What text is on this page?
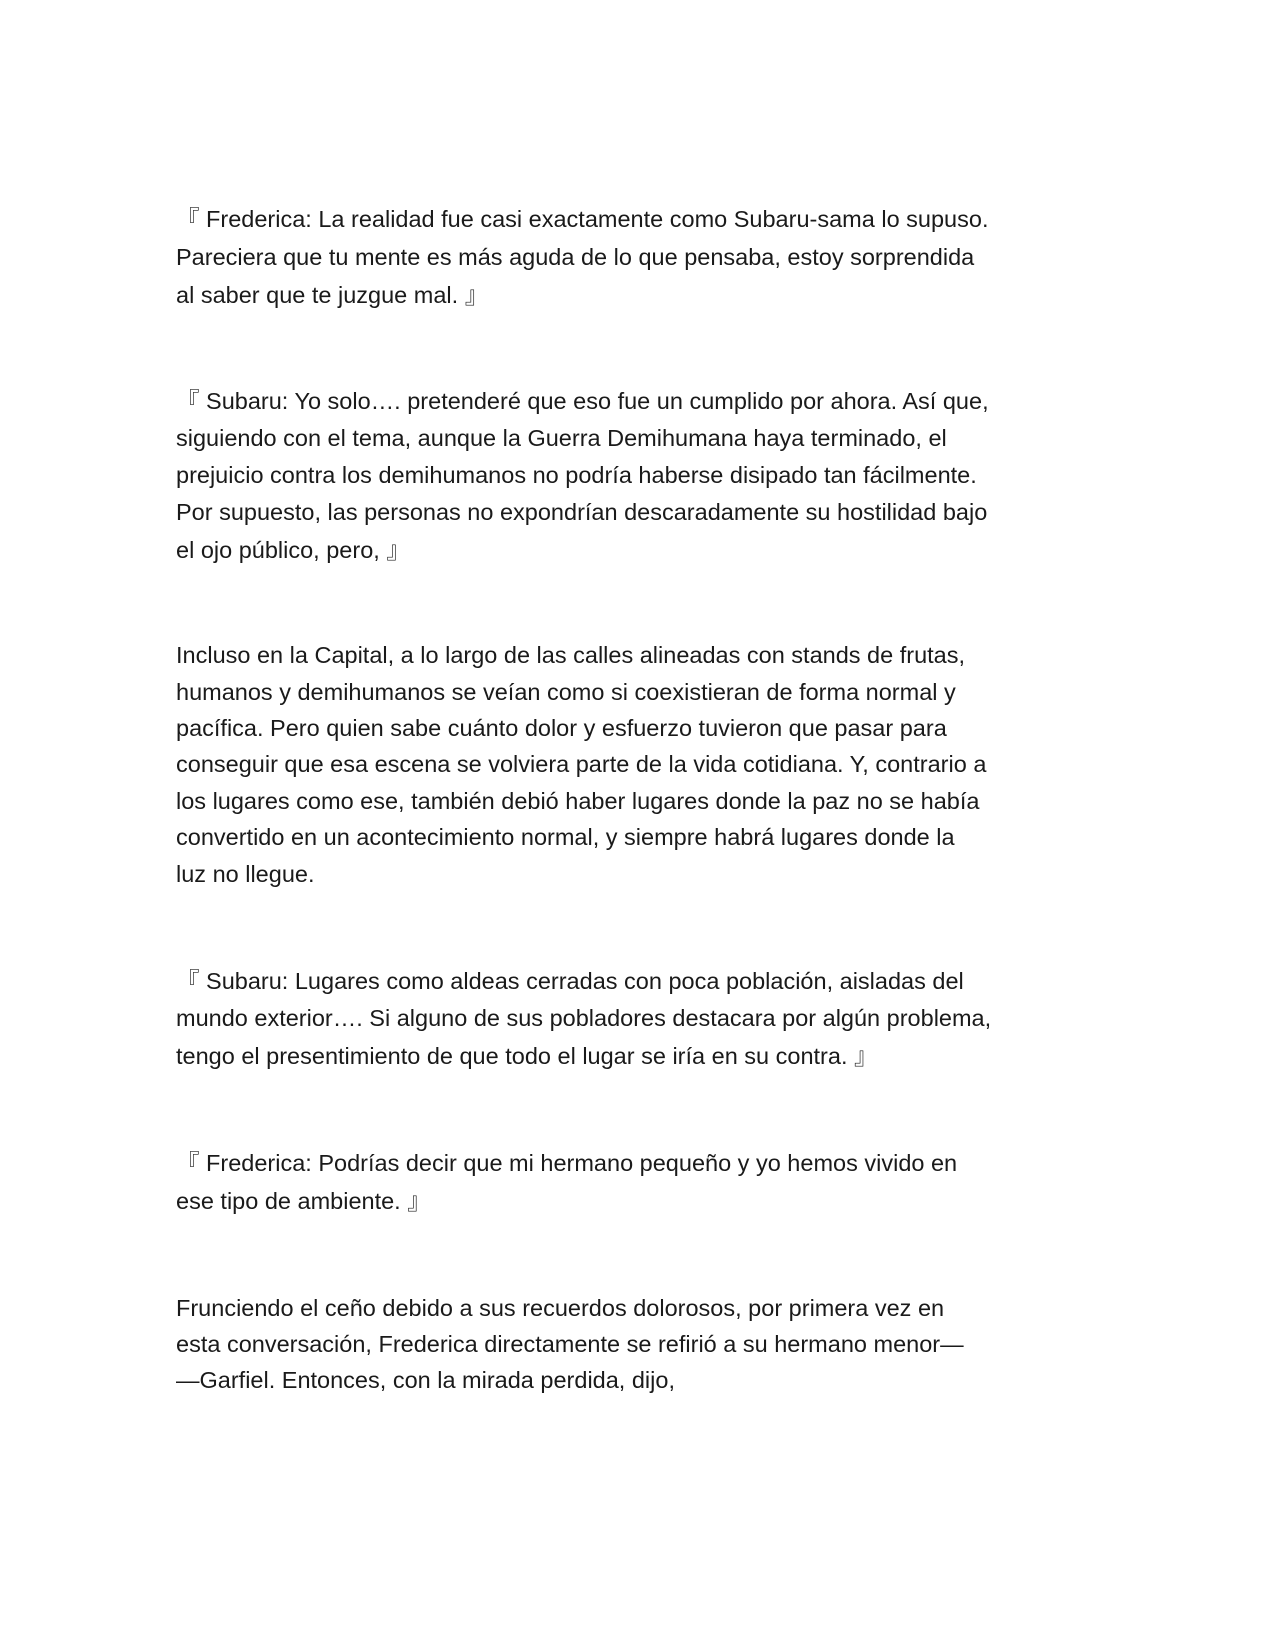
『 Frederica: La realidad fue casi exactamente como Subaru-sama lo supuso.

Pareciera que tu mente es más aguda de lo que pensaba, estoy sorprendida

al saber que te juzgue mal. 』

『 Subaru: Yo solo…. pretenderé que eso fue un cumplido por ahora. Así que,

siguiendo con el tema, aunque la Guerra Demihumana haya terminado, el

prejuicio contra los demihumanos no podría haberse disipado tan fácilmente.

Por supuesto, las personas no expondrían descaradamente su hostilidad bajo

el ojo público, pero, 』

Incluso en la Capital, a lo largo de las calles alineadas con stands de frutas,

humanos y demihumanos se veían como si coexistieran de forma normal y

pacífica. Pero quien sabe cuánto dolor y esfuerzo tuvieron que pasar para

conseguir que esa escena se volviera parte de la vida cotidiana. Y, contrario a

los lugares como ese, también debió haber lugares donde la paz no se había

convertido en un acontecimiento normal, y siempre habrá lugares donde la

luz no llegue.

『 Subaru: Lugares como aldeas cerradas con poca población, aisladas del

mundo exterior…. Si alguno de sus pobladores destacara por algún problema,

tengo el presentimiento de que todo el lugar se iría en su contra. 』

『 Frederica: Podrías decir que mi hermano pequeño y yo hemos vivido en

ese tipo de ambiente. 』

Frunciendo el ceño debido a sus recuerdos dolorosos, por primera vez en

esta conversación, Frederica directamente se refirió a su hermano menor—

—Garfiel. Entonces, con la mirada perdida, dijo,
